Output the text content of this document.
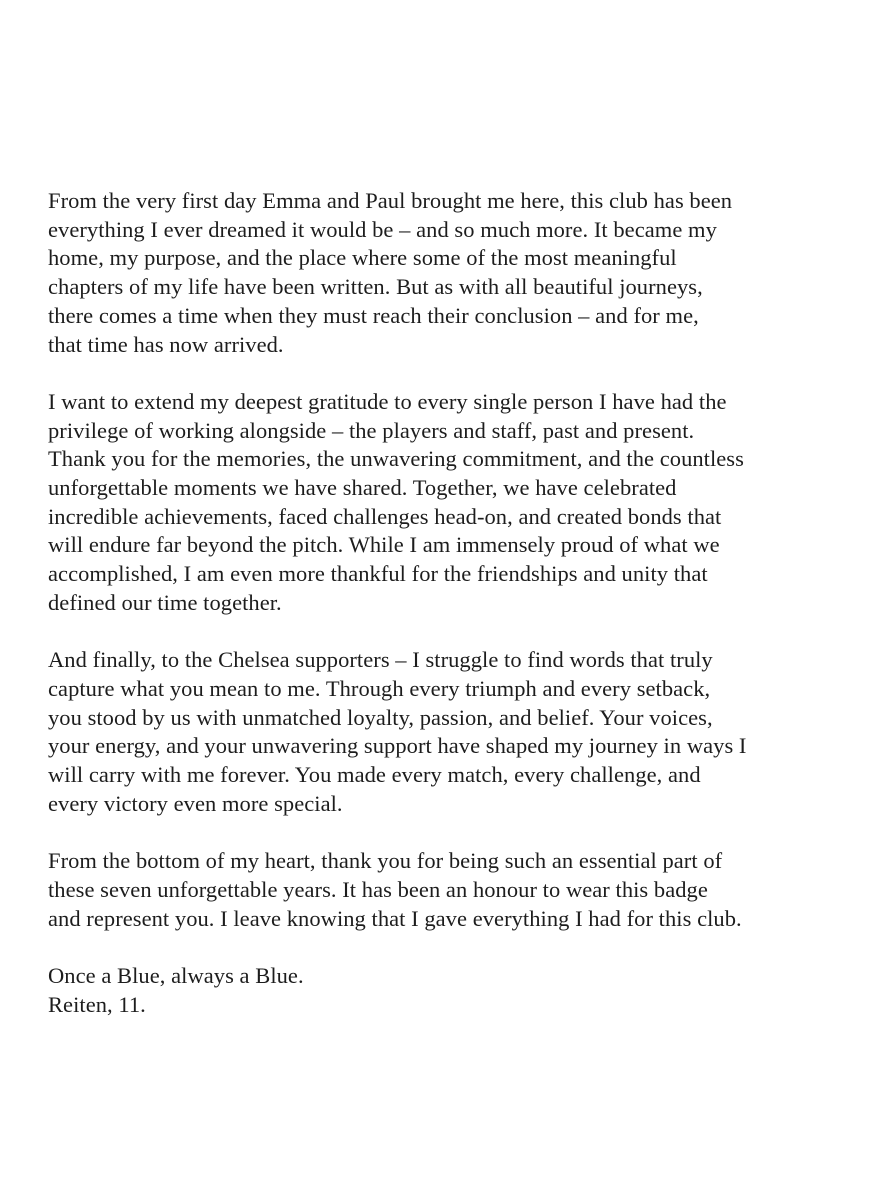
From the very first day Emma and Paul brought me here, this club has been
everything I ever dreamed it would be – and so much more. It became my
home, my purpose, and the place where some of the most meaningful
chapters of my life have been written. But as with all beautiful journeys,
there comes a time when they must reach their conclusion – and for me,
that time has now arrived.
I want to extend my deepest gratitude to every single person I have had the
privilege of working alongside – the players and staff, past and present.
Thank you for the memories, the unwavering commitment, and the countless
unforgettable moments we have shared. Together, we have celebrated
incredible achievements, faced challenges head-on, and created bonds that
will endure far beyond the pitch. While I am immensely proud of what we
accomplished, I am even more thankful for the friendships and unity that
defined our time together.
And finally, to the Chelsea supporters – I struggle to find words that truly
capture what you mean to me. Through every triumph and every setback,
you stood by us with unmatched loyalty, passion, and belief. Your voices,
your energy, and your unwavering support have shaped my journey in ways I
will carry with me forever. You made every match, every challenge, and
every victory even more special.
From the bottom of my heart, thank you for being such an essential part of
these seven unforgettable years. It has been an honour to wear this badge
and represent you. I leave knowing that I gave everything I had for this club.
Once a Blue, always a Blue.
Reiten, 11.
